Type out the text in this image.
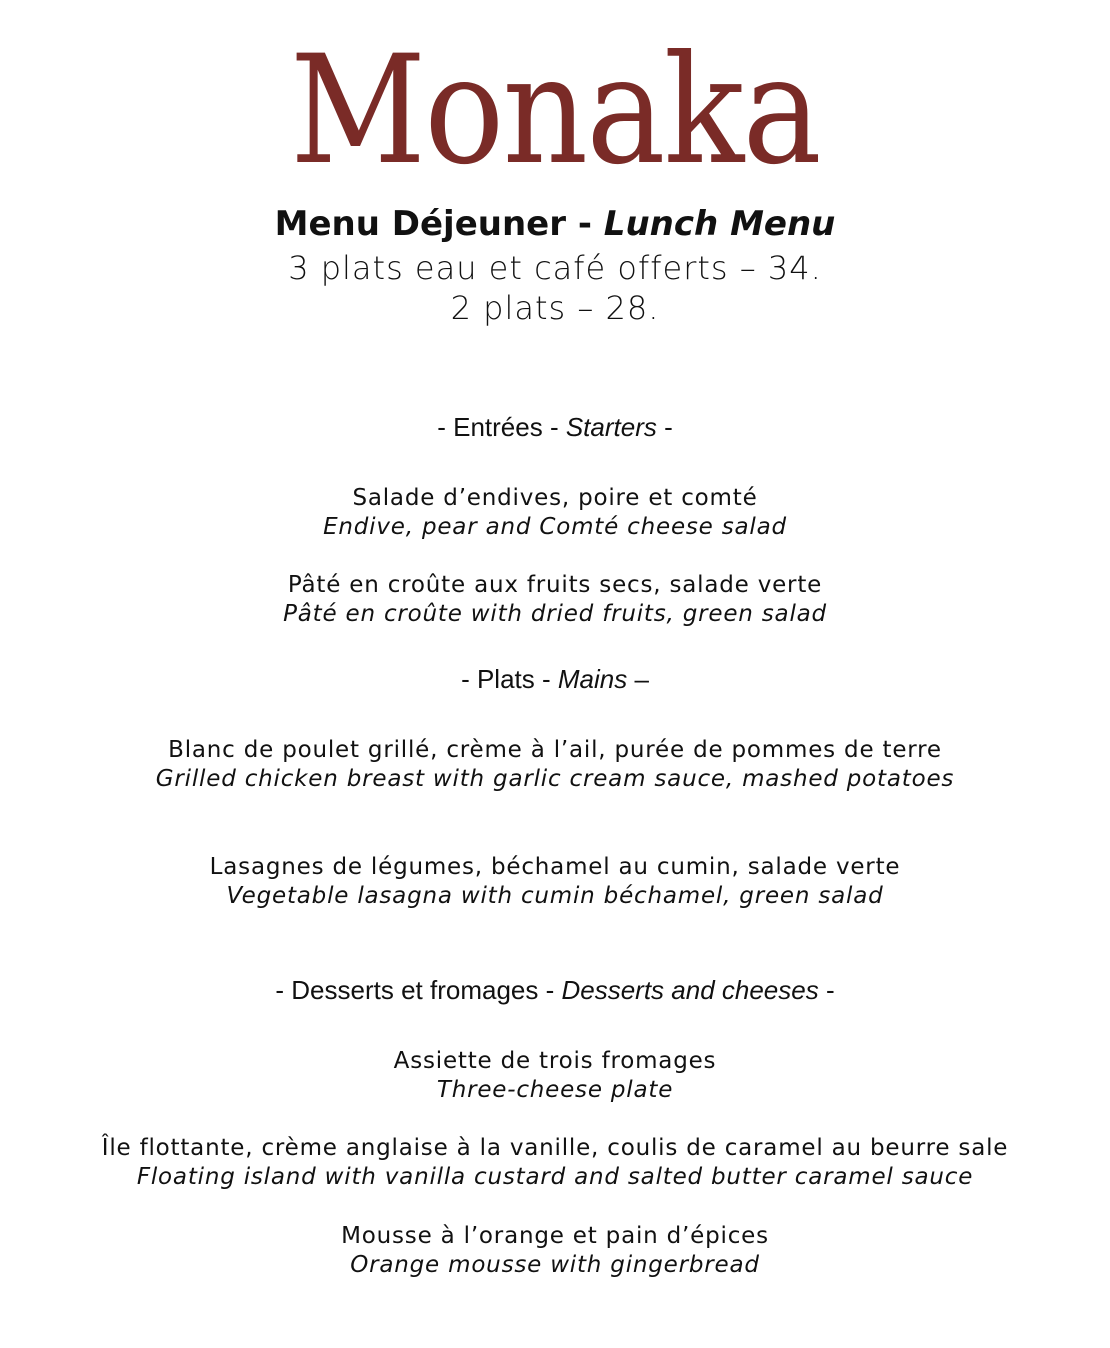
Monaka

Menu Déjeuner - Lunch Menu

3 plats eau et café offerts – 34.

2 plats – 28.

- Entrées - Starters -

Salade d’endives, poire et comté
Endive, pear and Comté cheese salad
Pâté en croûte aux fruits secs, salade verte
Pâté en croûte with dried fruits, green salad

- Plats - Mains –

Blanc de poulet grillé, crème à l’ail, purée de pommes de terre
Grilled chicken breast with garlic cream sauce, mashed potatoes
Lasagnes de légumes, béchamel au cumin, salade verte
Vegetable lasagna with cumin béchamel, green salad

- Desserts et fromages - Desserts and cheeses -

Assiette de trois fromages
Three-cheese plate
Île flottante, crème anglaise à la vanille, coulis de caramel au beurre sale
Floating island with vanilla custard and salted butter caramel sauce
Mousse à l’orange et pain d’épices
Orange mousse with gingerbread
